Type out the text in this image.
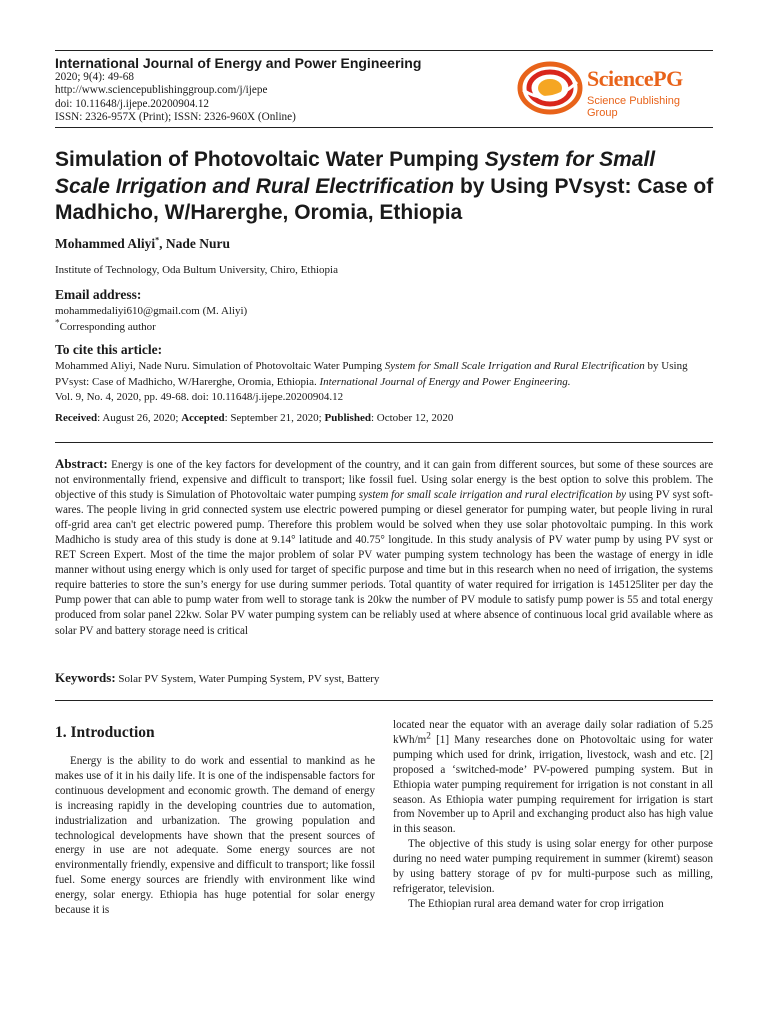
International Journal of Energy and Power Engineering
2020; 9(4): 49-68
http://www.sciencepublishinggroup.com/j/ijepe
doi: 10.11648/j.ijepe.20200904.12
ISSN: 2326-957X (Print); ISSN: 2326-960X (Online)
SciencePG
Science Publishing Group
Simulation of Photovoltaic Water Pumping System for Small Scale Irrigation and Rural Electrification by Using PVsyst: Case of Madhicho, W/Harerghe, Oromia, Ethiopia
Mohammed Aliyi*, Nade Nuru
Institute of Technology, Oda Bultum University, Chiro, Ethiopia
Email address:
mohammedaliyi610@gmail.com (M. Aliyi)
*Corresponding author
To cite this article:
Mohammed Aliyi, Nade Nuru. Simulation of Photovoltaic Water Pumping System for Small Scale Irrigation and Rural Electrification by Using PVsyst: Case of Madhicho, W/Harerghe, Oromia, Ethiopia. International Journal of Energy and Power Engineering.
Vol. 9, No. 4, 2020, pp. 49-68. doi: 10.11648/j.ijepe.20200904.12
Received: August 26, 2020; Accepted: September 21, 2020; Published: October 12, 2020
Abstract: Energy is one of the key factors for development of the country, and it can gain from different sources, but some of these sources are not environmentally friend, expensive and difficult to transport; like fossil fuel. Using solar energy is the best option to solve this problem. The objective of this study is Simulation of Photovoltaic water pumping system for small scale irrigation and rural electrification by using PV syst soft-wares. The people living in grid connected system use electric powered pumping or diesel generator for pumping water, but people living in rural off-grid area can't get electric powered pump. Therefore this problem would be solved when they use solar photovoltaic pumping. In this work Madhicho is study area of this study is done at 9.14° latitude and 40.75° longitude. In this study analysis of PV water pump by using PV syst or RET Screen Expert. Most of the time the major problem of solar PV water pumping system technology has been the wastage of energy in idle manner without using energy which is only used for target of specific purpose and time but in this research when no need of irrigation, the systems require batteries to store the sun’s energy for use during summer periods. Total quantity of water required for irrigation is 145125liter per day the Pump power that can able to pump water from well to storage tank is 20kw the number of PV module to satisfy pump power is 55 and total energy produced from solar panel 22kw. Solar PV water pumping system can be reliably used at where absence of continuous local grid available where as solar PV and battery storage need is critical
Keywords: Solar PV System, Water Pumping System, PV syst, Battery
1. Introduction

Energy is the ability to do work and essential to mankind as he makes use of it in his daily life. It is one of the indispensable factors for continuous development and economic growth. The demand of energy is increasing rapidly in the developing countries due to automation, industrialization and urbanization. The growing population and technological developments have shown that the present sources of energy in use are not adequate. Some energy sources are not environmentally friendly, expensive and difficult to transport; like fossil fuel. Some energy sources are friendly with environment like wind energy, solar energy. Ethiopia has huge potential for solar energy because it is

located near the equator with an average daily solar radiation of 5.25 kWh/$m^2$ [1] Many researches done on Photovoltaic using for water pumping which used for drink, irrigation, livestock, wash and etc. [2] proposed a ‘switched-mode’ PV-powered pumping system. But in Ethiopia water pumping requirement for irrigation is not constant in all season. As Ethiopia water pumping requirement for irrigation is start from November up to April and exchanging product also has high value in this season.

The objective of this study is using solar energy for other purpose during no need water pumping requirement in summer (kiremt) season by using battery storage of pv for multi-purpose such as milling, refrigerator, television.

The Ethiopian rural area demand water for crop irrigation
